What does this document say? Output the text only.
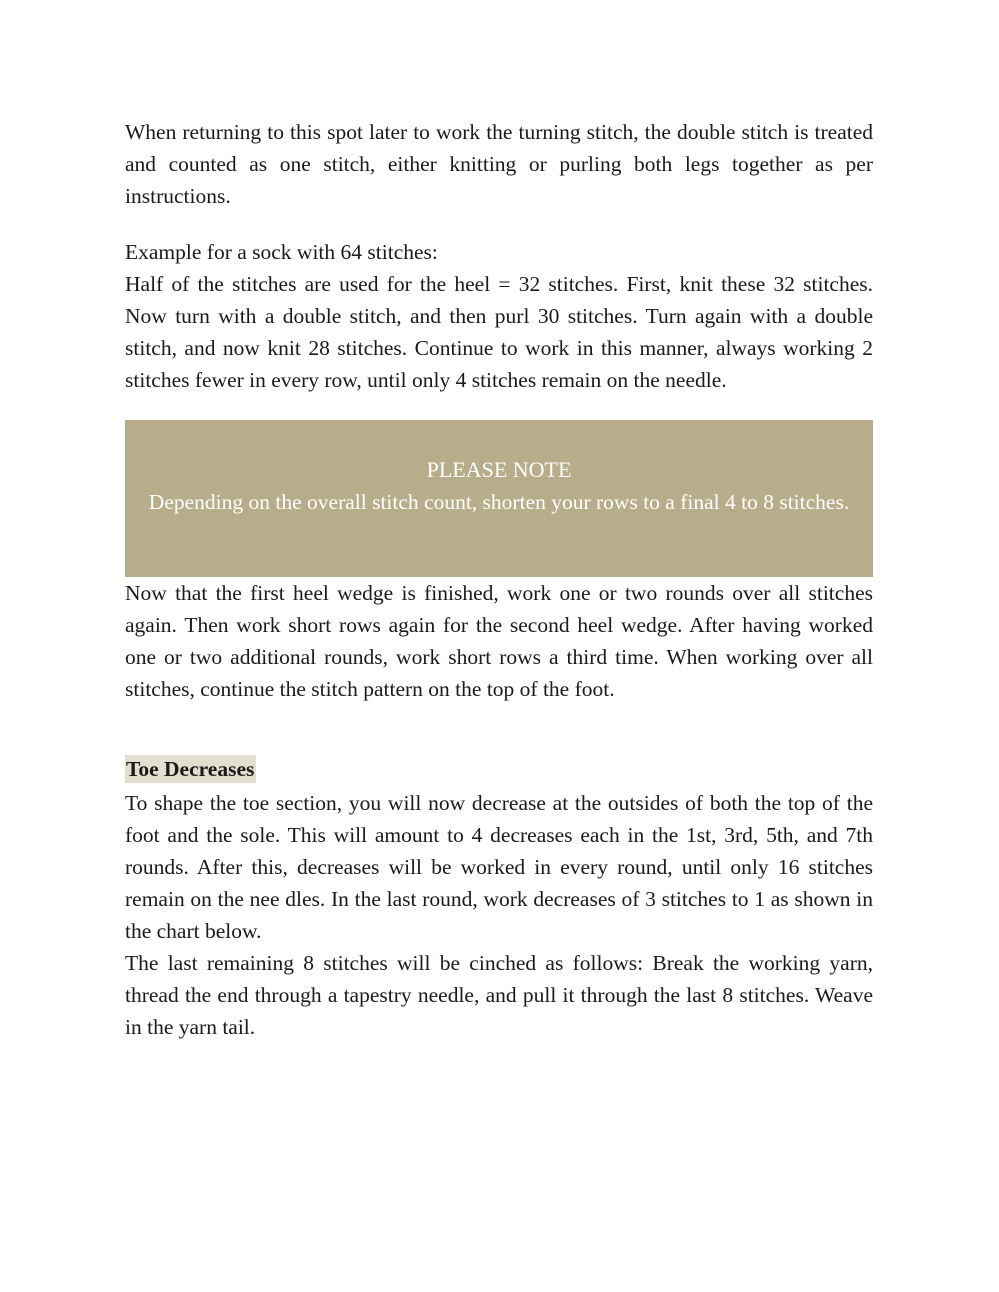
When returning to this spot later to work the turning stitch, the double stitch is treated and counted as one stitch, either knitting or purling both legs together as per instructions.

Example for a sock with 64 stitches:

Half of the stitches are used for the heel = 32 stitches. First, knit these 32 stitches. Now turn with a double stitch, and then purl 30 stitches. Turn again with a double stitch, and now knit 28 stitches. Continue to work in this manner, always working 2 stitches fewer in every row, until only 4 stitches remain on the needle.

PLEASE NOTE
Depending on the overall stitch count, shorten your rows to a final 4 to 8 stitches.

Now that the first heel wedge is finished, work one or two rounds over all stitches again. Then work short rows again for the second heel wedge. After having worked one or two additional rounds, work short rows a third time. When working over all stitches, continue the stitch pattern on the top of the foot.

Toe Decreases

To shape the toe section, you will now decrease at the outsides of both the top of the foot and the sole. This will amount to 4 decreases each in the 1st, 3rd, 5th, and 7th rounds. After this, decreases will be worked in every round, until only 16 stitches remain on the nee dles. In the last round, work decreases of 3 stitches to 1 as shown in the chart below.

The last remaining 8 stitches will be cinched as follows: Break the working yarn, thread the end through a tapestry needle, and pull it through the last 8 stitches. Weave in the yarn tail.
